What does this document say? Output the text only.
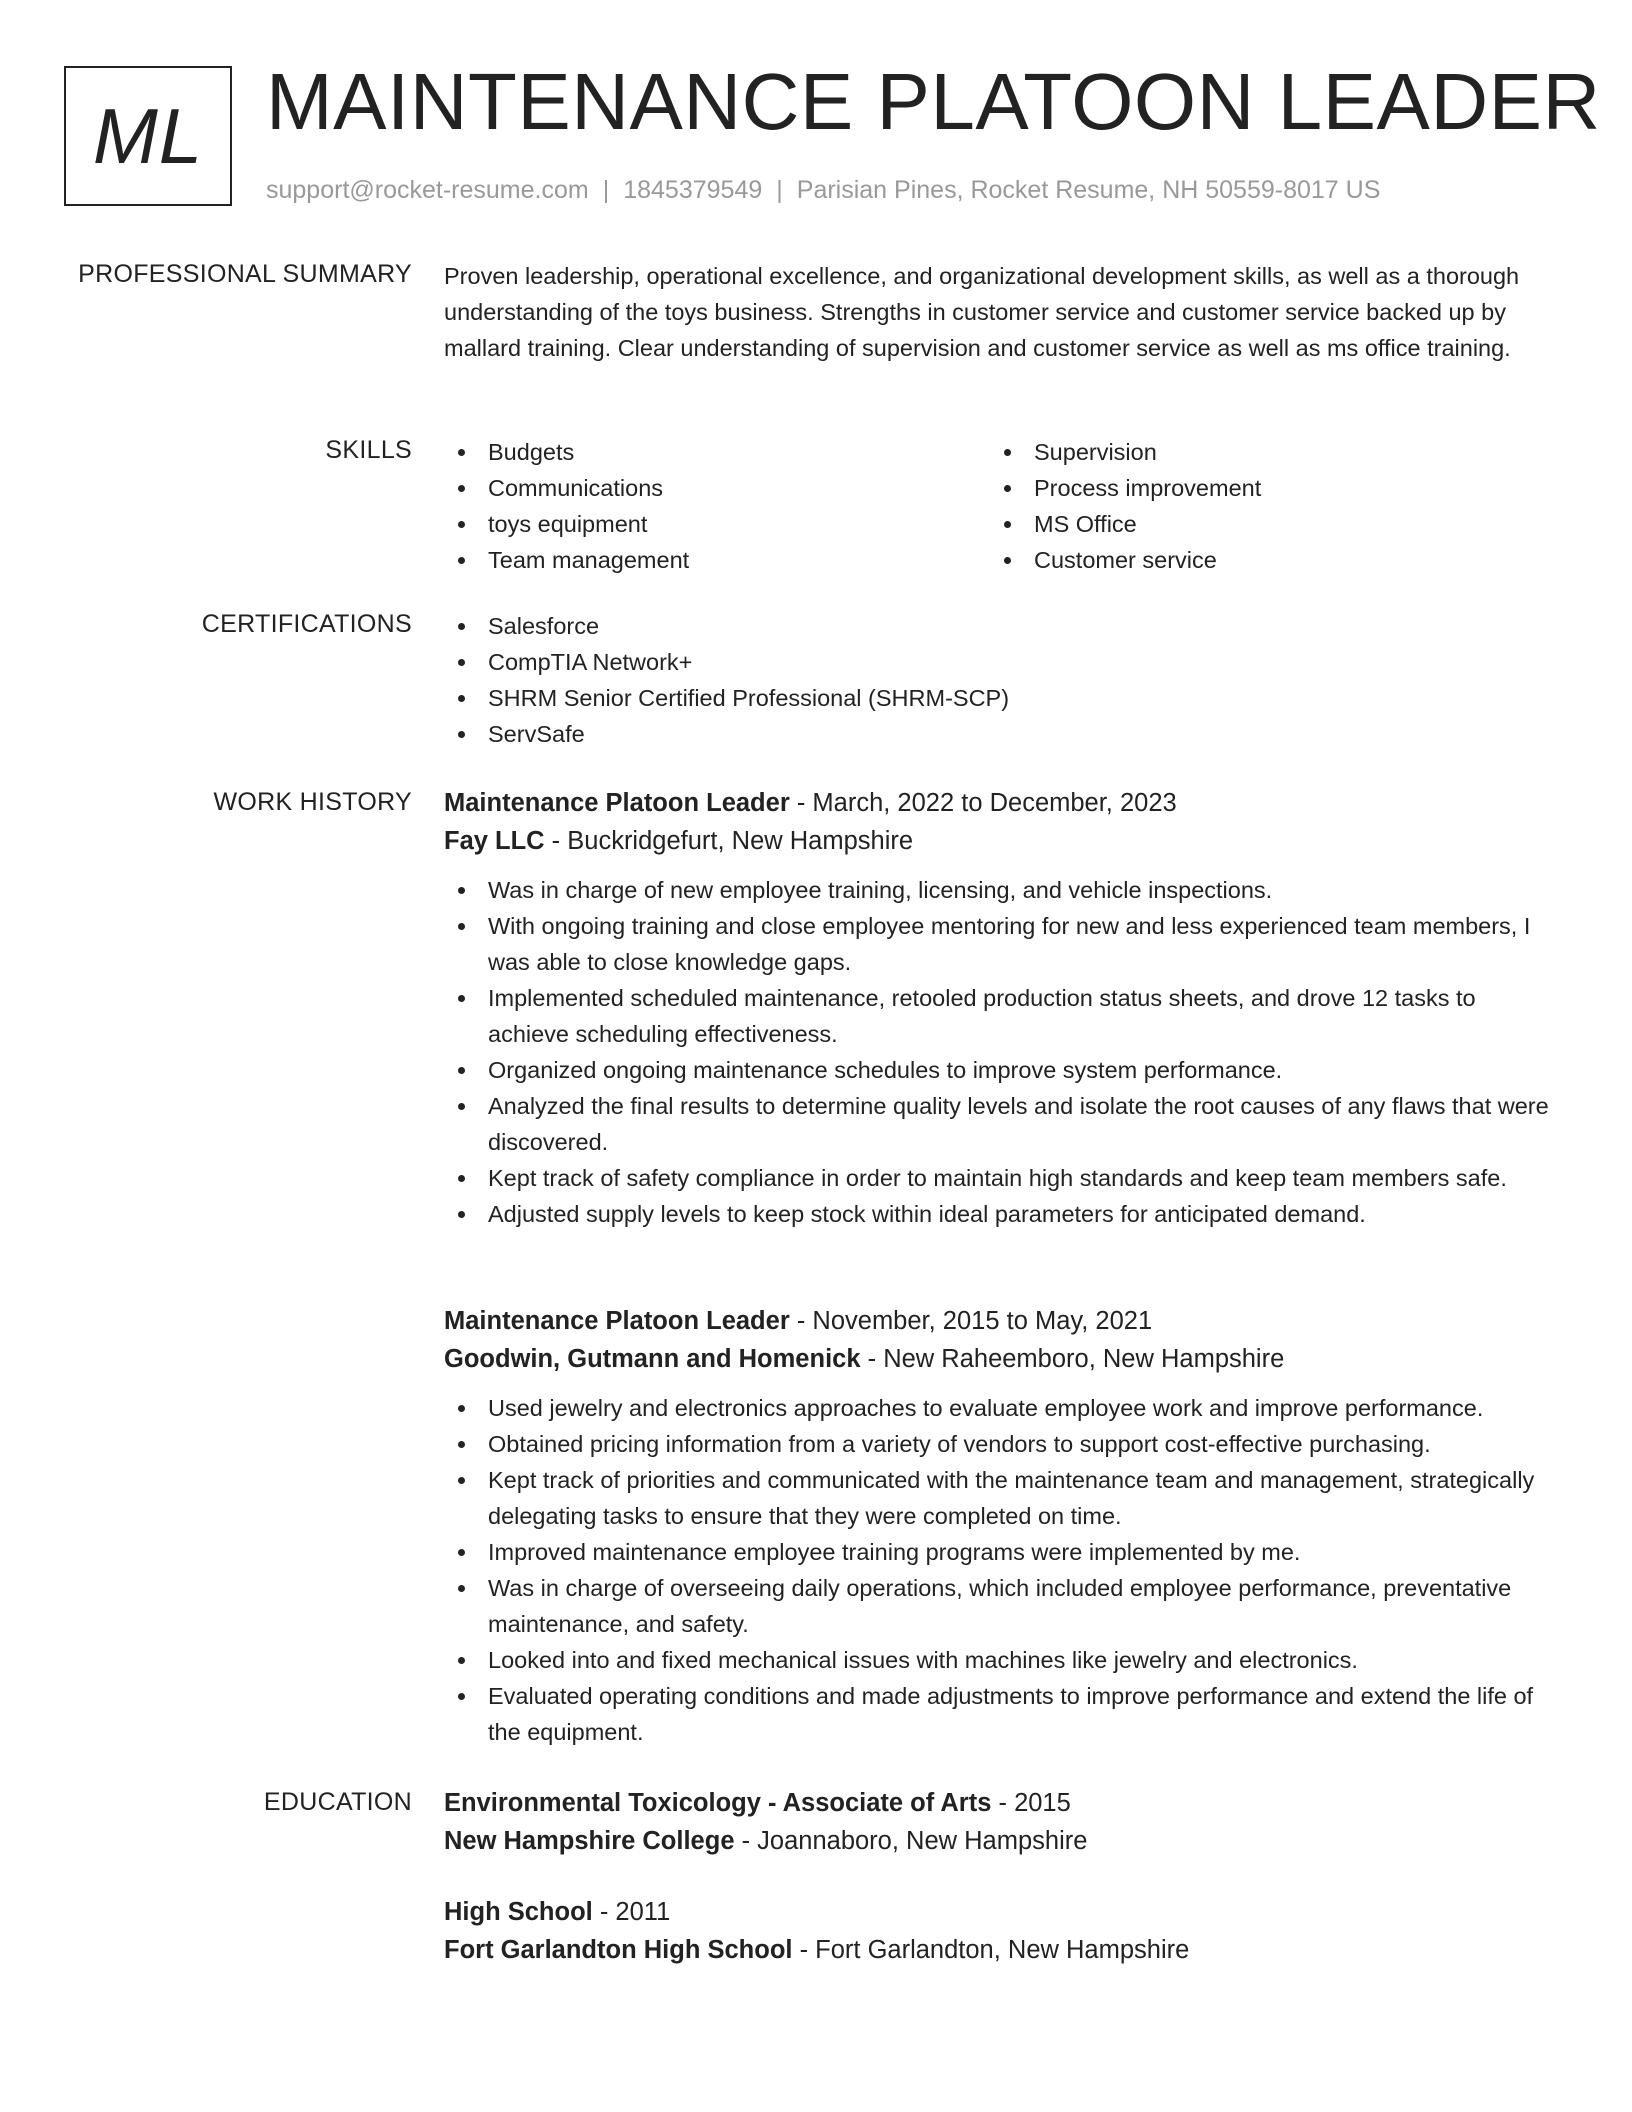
ML MAINTENANCE PLATOON LEADER
support@rocket-resume.com | 1845379549 | Parisian Pines, Rocket Resume, NH 50559-8017 US
PROFESSIONAL SUMMARY Proven leadership, operational excellence, and organizational development skills, as well as a thorough understanding of the toys business. Strengths in customer service and customer service backed up by mallard training. Clear understanding of supervision and customer service as well as ms office training.

SKILLS	Budgets
Communications
toys equipment
Team management
Supervision
Process improvement
MS Office
Customer service
CERTIFICATIONS	Salesforce
CompTIA Network+
SHRM Senior Certified Professional (SHRM-SCP)
ServSafe
WORK HISTORY Maintenance Platoon Leader - March, 2022 to December, 2023
Fay LLC - Buckridgefurt, New Hampshire
Was in charge of new employee training, licensing, and vehicle inspections.
With ongoing training and close employee mentoring for new and less experienced team members, I was able to close knowledge gaps.
Implemented scheduled maintenance, retooled production status sheets, and drove 12 tasks to achieve scheduling effectiveness.
Organized ongoing maintenance schedules to improve system performance.
Analyzed the final results to determine quality levels and isolate the root causes of any flaws that were discovered.
Kept track of safety compliance in order to maintain high standards and keep team members safe.
Adjusted supply levels to keep stock within ideal parameters for anticipated demand.
Maintenance Platoon Leader - November, 2015 to May, 2021
Goodwin, Gutmann and Homenick - New Raheemboro, New Hampshire
Used jewelry and electronics approaches to evaluate employee work and improve performance.
Obtained pricing information from a variety of vendors to support cost-effective purchasing.
Kept track of priorities and communicated with the maintenance team and management, strategically delegating tasks to ensure that they were completed on time.
Improved maintenance employee training programs were implemented by me.
Was in charge of overseeing daily operations, which included employee performance, preventative maintenance, and safety.
Looked into and fixed mechanical issues with machines like jewelry and electronics.
Evaluated operating conditions and made adjustments to improve performance and extend the life of the equipment.
EDUCATION Environmental Toxicology - Associate of Arts - 2015
New Hampshire College - Joannaboro, New Hampshire
High School - 2011
Fort Garlandton High School - Fort Garlandton, New Hampshire
